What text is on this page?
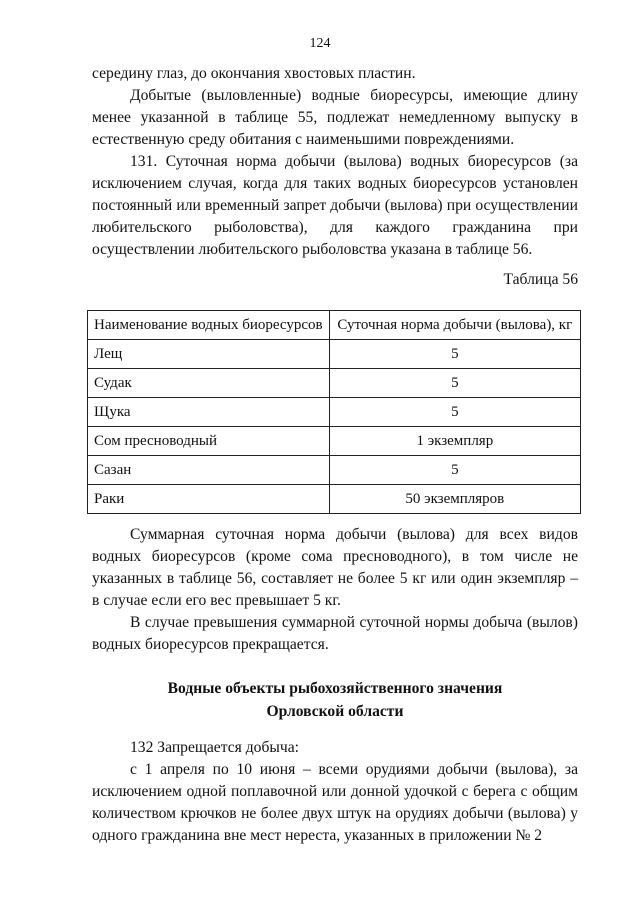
124

середину глаз, до окончания хвостовых пластин.

Добытые (выловленные) водные биоресурсы, имеющие длину менее указанной в таблице 55, подлежат немедленному выпуску в естественную среду обитания с наименьшими повреждениями.

131. Суточная норма добычи (вылова) водных биоресурсов (за исключением случая, когда для таких водных биоресурсов установлен постоянный или временный запрет добычи (вылова) при осуществлении любительского рыболовства), для каждого гражданина при осуществлении любительского рыболовства указана в таблице 56.

Таблица 56
Наименование водных биоресурсов	Суточная норма добычи (вылова), кг
Лещ	5
Судак	5
Щука	5
Сом пресноводный	1 экземпляр
Сазан	5
Раки	50 экземпляров

Суммарная суточная норма добычи (вылова) для всех видов водных биоресурсов (кроме сома пресноводного), в том числе не указанных в таблице 56, составляет не более 5 кг или один экземпляр – в случае если его вес превышает 5 кг.

В случае превышения суммарной суточной нормы добыча (вылов) водных биоресурсов прекращается.

Водные объекты рыбохозяйственного значения
Орловской области

132 Запрещается добыча:

с 1 апреля по 10 июня – всеми орудиями добычи (вылова), за исключением одной поплавочной или донной удочкой с берега с общим количеством крючков не более двух штук на орудиях добычи (вылова) у одного гражданина вне мест нереста, указанных в приложении № 2
